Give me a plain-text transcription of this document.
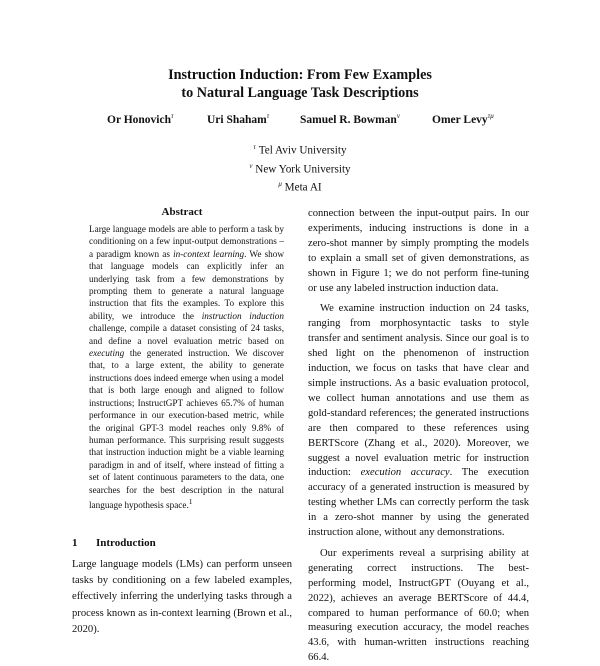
Instruction Induction: From Few Examples
to Natural Language Task Descriptions
Or Honovich$^\tau$	Uri Shaham$^\tau$	Samuel R. Bowman$^\nu$	Omer Levy$^{\tau\mu}$
$^\tau$ Tel Aviv University
$^\nu$ New York University
$^\mu$ Meta AI
Abstract
Large language models are able to perform a task by conditioning on a few input-output demonstrations – a paradigm known as in-context learning. We show that language models can explicitly infer an underlying task from a few demonstrations by prompting them to generate a natural language instruction that fits the examples. To explore this ability, we introduce the instruction induction challenge, compile a dataset consisting of 24 tasks, and define a novel evaluation metric based on executing the generated instruction. We discover that, to a large extent, the ability to generate instructions does indeed emerge when using a model that is both large enough and aligned to follow instructions; InstructGPT achieves 65.7% of human performance in our execution-based metric, while the original GPT-3 model reaches only 9.8% of human performance. This surprising result suggests that instruction induction might be a viable learning paradigm in and of itself, where instead of fitting a set of latent continuous parameters to the data, one searches for the best description in the natural language hypothesis space.$^1$
1 Introduction
Large language models (LMs) can perform unseen tasks by conditioning on a few labeled examples, effectively inferring the underlying tasks through a process known as in-context learning (Brown et al., 2020).

connection between the input-output pairs. In our experiments, inducing instructions is done in a zero-shot manner by simply prompting the models to explain a small set of given demonstrations, as shown in Figure 1; we do not perform fine-tuning or use any labeled instruction induction data.

We examine instruction induction on 24 tasks, ranging from morphosyntactic tasks to style transfer and sentiment analysis. Since our goal is to shed light on the phenomenon of instruction induction, we focus on tasks that have clear and simple instructions. As a basic evaluation protocol, we collect human annotations and use them as gold-standard references; the generated instructions are then compared to these references using BERTScore (Zhang et al., 2020). Moreover, we suggest a novel evaluation metric for instruction induction: execution accuracy. The execution accuracy of a generated instruction is measured by testing whether LMs can correctly perform the task in a zero-shot manner by using the generated instruction alone, without any demonstrations.

Our experiments reveal a surprising ability at generating correct instructions. The best-performing model, InstructGPT (Ouyang et al., 2022), achieves an average BERTScore of 44.4, compared to human performance of 60.0; when measuring execution accuracy, the model reaches 43.6, with human-written instructions reaching 66.4.
